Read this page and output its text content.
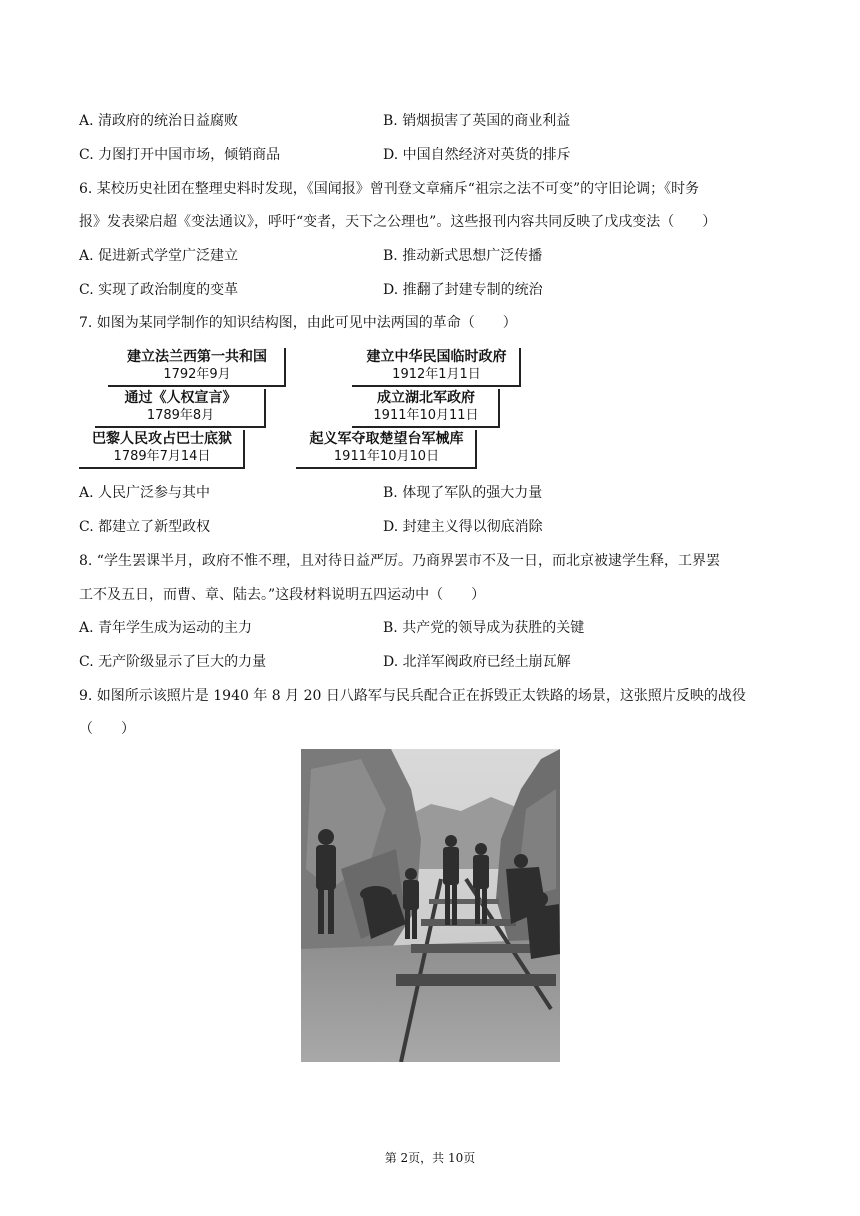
A. 清政府的统治日益腐败	B. 销烟损害了英国的商业利益
C. 力图打开中国市场，倾销商品	D. 中国自然经济对英货的排斥
6. 某校历史社团在整理史料时发现，《国闻报》曾刊登文章痛斥“祖宗之法不可变”的守旧论调；《时务
报》发表梁启超《变法通议》，呼吁“变者，天下之公理也”。这些报刊内容共同反映了戊戌变法（　　）
A. 促进新式学堂广泛建立	B. 推动新式思想广泛传播
C. 实现了政治制度的变革	D. 推翻了封建专制的统治
7. 如图为某同学制作的知识结构图，由此可见中法两国的革命（　　）
建立法兰西第一共和国
1792年9月
通过《人权宣言》
1789年8月
巴黎人民攻占巴士底狱
1789年7月14日
建立中华民国临时政府
1912年1月1日
成立湖北军政府
1911年10月11日
起义军夺取楚望台军械库
1911年10月10日
A. 人民广泛参与其中	B. 体现了军队的强大力量
C. 都建立了新型政权	D. 封建主义得以彻底消除
8. “学生罢课半月，政府不惟不理，且对待日益严厉。乃商界罢市不及一日，而北京被逮学生释，工界罢
工不及五日，而曹、章、陆去。”这段材料说明五四运动中（　　）
A. 青年学生成为运动的主力	B. 共产党的领导成为获胜的关键
C. 无产阶级显示了巨大的力量	D. 北洋军阀政府已经土崩瓦解
9. 如图所示该照片是 1940 年 8 月 20 日八路军与民兵配合正在拆毁正太铁路的场景，这张照片反映的战役
（　　）
第 2页，共 10页
